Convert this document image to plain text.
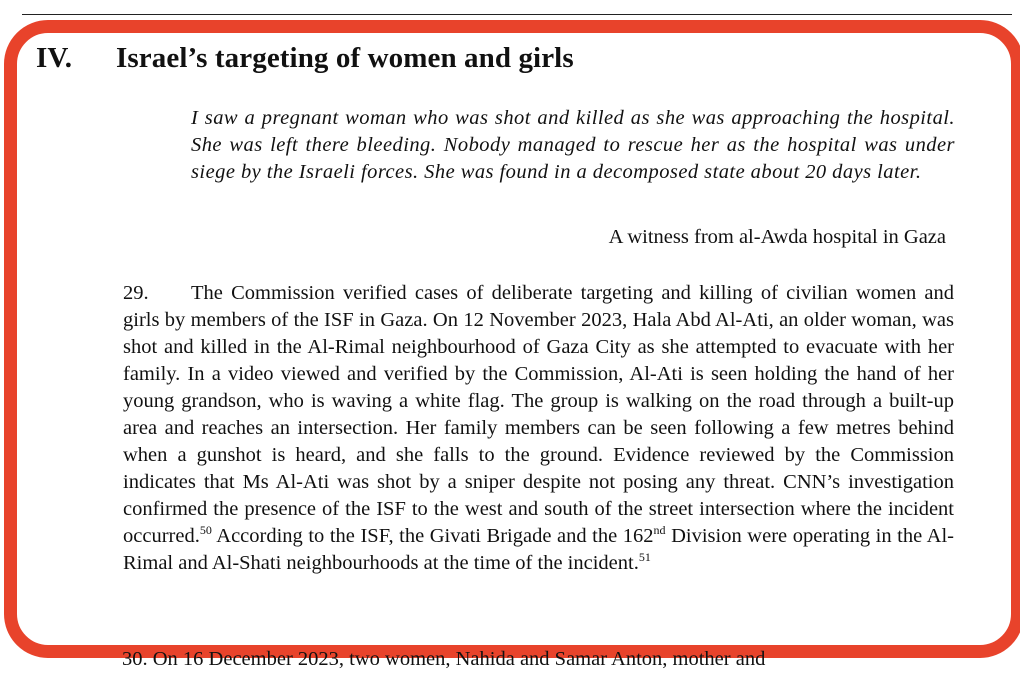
IV. Israel’s targeting of women and girls
I saw a pregnant woman who was shot and killed as she was approaching the hospital. She was left there bleeding. Nobody managed to rescue her as the hospital was under siege by the Israeli forces. She was found in a decomposed state about 20 days later.
A witness from al-Awda hospital in Gaza
29. The Commission verified cases of deliberate targeting and killing of civilian women and girls by members of the ISF in Gaza. On 12 November 2023, Hala Abd Al-Ati, an older woman, was shot and killed in the Al-Rimal neighbourhood of Gaza City as she attempted to evacuate with her family. In a video viewed and verified by the Commission, Al-Ati is seen holding the hand of her young grandson, who is waving a white flag. The group is walking on the road through a built-up area and reaches an intersection. Her family members can be seen following a few metres behind when a gunshot is heard, and she falls to the ground. Evidence reviewed by the Commission indicates that Ms Al-Ati was shot by a sniper despite not posing any threat. CNN’s investigation confirmed the presence of the ISF to the west and south of the street intersection where the incident occurred.$^{50}$ According to the ISF, the Givati Brigade and the 162nd Division were operating in the Al-Rimal and Al-Shati neighbourhoods at the time of the incident.$^{51}$
30. On 16 December 2023, two women, Nahida and Samar Anton, mother and
